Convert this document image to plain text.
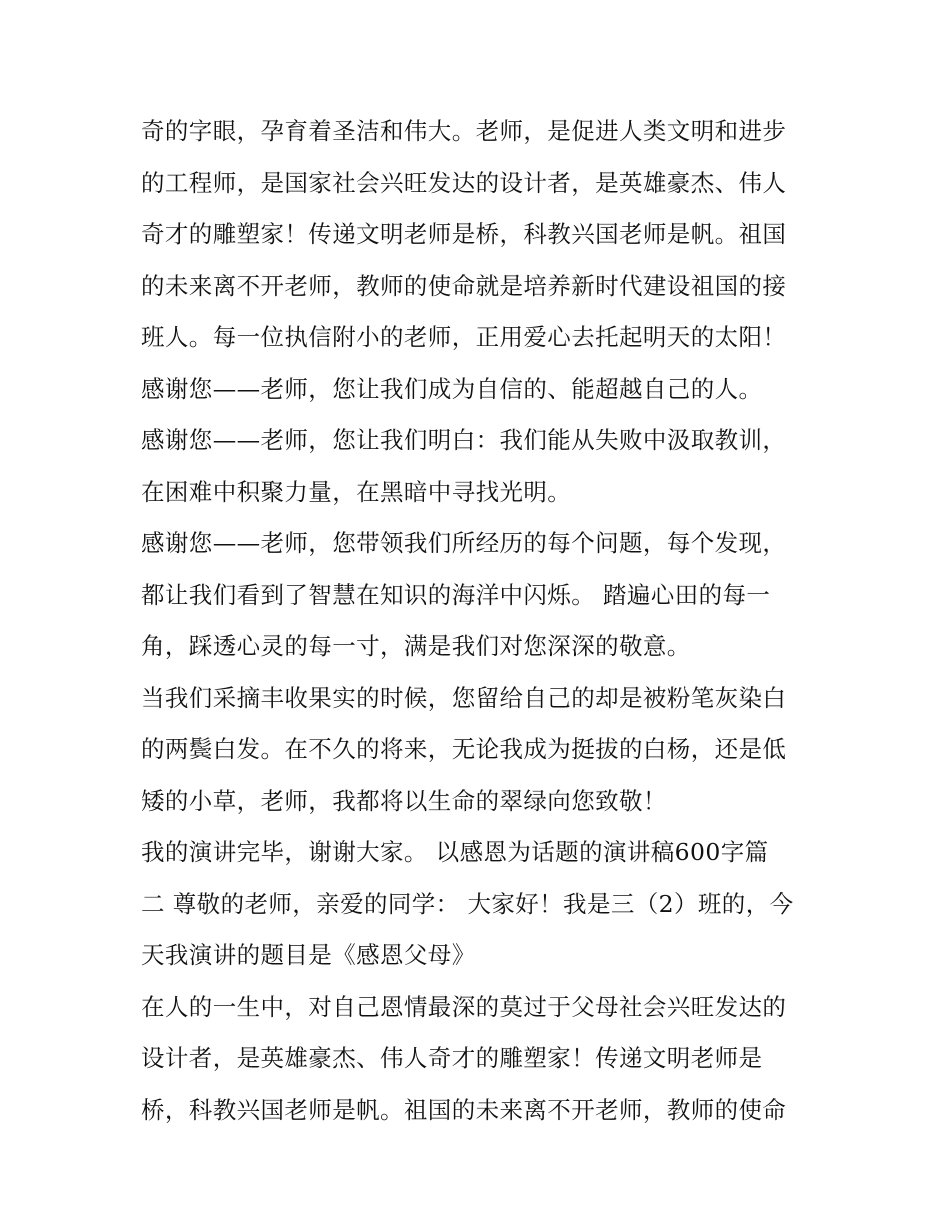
奇的字眼，孕育着圣洁和伟大。老师，是促进人类文明和进步
的工程师，是国家社会兴旺发达的设计者，是英雄豪杰、伟人
奇才的雕塑家！传递文明老师是桥，科教兴国老师是帆。祖国
的未来离不开老师，教师的使命就是培养新时代建设祖国的接
班人。每一位执信附小的老师，正用爱心去托起明天的太阳！
感谢您——老师，您让我们成为自信的、能超越自己的人。
感谢您——老师，您让我们明白：我们能从失败中汲取教训，
在困难中积聚力量，在黑暗中寻找光明。
感谢您——老师，您带领我们所经历的每个问题，每个发现，
都让我们看到了智慧在知识的海洋中闪烁。 踏遍心田的每一
角，踩透心灵的每一寸，满是我们对您深深的敬意。
当我们采摘丰收果实的时候，您留给自己的却是被粉笔灰染白
的两鬓白发。在不久的将来，无论我成为挺拔的白杨，还是低
矮的小草，老师，我都将以生命的翠绿向您致敬！
我的演讲完毕，谢谢大家。 以感恩为话题的演讲稿600字篇
二 尊敬的老师，亲爱的同学： 大家好！我是三（2）班的，今
天我演讲的题目是《感恩父母》
在人的一生中，对自己恩情最深的莫过于父母社会兴旺发达的
设计者，是英雄豪杰、伟人奇才的雕塑家！传递文明老师是
桥，科教兴国老师是帆。祖国的未来离不开老师，教师的使命
